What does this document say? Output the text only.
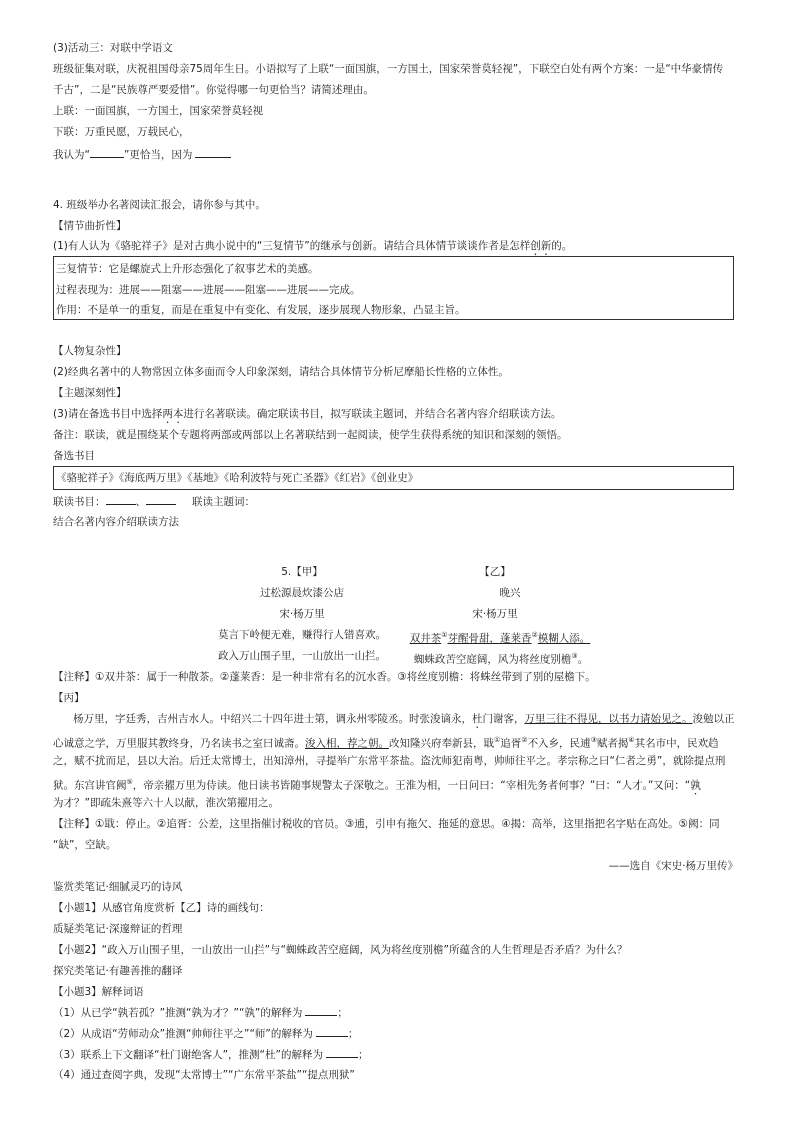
(3)活动三：对联中学语文
班级征集对联，庆祝祖国母亲75周年生日。小语拟写了上联“一面国旗，一方国土，国家荣誉莫轻视”，下联空白处有两个方案：一是“中华豪情传
千古”，二是“民族尊严要爱惜”。你觉得哪一句更恰当？请简述理由。
上联：一面国旗，一方国土，国家荣誉莫轻视
下联：万重民愿，万载民心，
我认为“	”更恰当，因为
4. 班级举办名著阅读汇报会，请你参与其中。
【情节曲折性】
(1)有人认为《骆驼祥子》是对古典小说中的“三复情节”的继承与创新。请结合具体情节谈谈作者是怎样创新的。
三复情节：它是螺旋式上升形态强化了叙事艺术的美感。
过程表现为：进展——阻塞——进展——阻塞——进展——完成。
作用：不是单一的重复，而是在重复中有变化、有发展，逐步展现人物形象，凸显主旨。
【人物复杂性】
(2)经典名著中的人物常因立体多面而令人印象深刻，请结合具体情节分析尼摩船长性格的立体性。
【主题深刻性】
(3)请在备选书目中选择两本进行名著联读。确定联读书目，拟写联读主题词，并结合名著内容介绍联读方法。
备注：联读，就是围绕某个专题将两部或两部以上名著联结到一起阅读，使学生获得系统的知识和深刻的领悟。
备选书目
《骆驼祥子》《海底两万里》《基地》《哈利波特与死亡圣器》《红岩》《创业史》
联读书目：	、	联读主题词：
结合名著内容介绍联读方法
5.【甲】
过松源晨炊漆公店
宋·杨万里
莫言下岭便无难，赚得行人错喜欢。
政入万山围子里，一山放出一山拦。
【乙】
晚兴
宋·杨万里
双井茶①芽醒骨甜，蓬莱香②模糊人添。
蜘蛛政苦空庭阔，风为将丝度别檐③。
【注释】①双井茶：属于一种散茶。②蓬莱香：是一种非常有名的沉水香。③将丝度别檐：将蛛丝带到了别的屋檐下。
【丙】
杨万里，字廷秀，吉州吉水人。中绍兴二十四年进士第，调永州零陵丞。时张浚谪永，杜门谢客，万里三往不得见，以书力请始见之。浚勉以正
心诚意之学，万里服其教终身，乃名读书之室曰诚斋。浚入相，荐之朝。改知隆兴府奉新县，戢①追胥②不入乡，民逋③赋者揭④其名市中，民欢趋
之，赋不扰而足，县以大治。后迁太常博士，出知漳州，寻提举广东常平茶盐。盗沈师犯南粤，帅师往平之。孝宗称之曰“仁者之勇”，就除提点刑
狱。东宫讲官阙⑤，帝亲擢万里为侍读。他日读书皆随事规警太子深敬之。王淮为相，一日问曰：“宰相先务者何事？”曰：“人才。”又问：“孰
为才？”即疏朱熹等六十人以献，淮次第擢用之。
【注释】①戢：停止。②追胥：公差，这里指催讨税收的官员。③逋，引申有拖欠、拖延的意思。④揭：高举，这里指把名字贴在高处。⑤阙：同
“缺”，空缺。
——选自《宋史·杨万里传》
鉴赏类笔记·细腻灵巧的诗风
【小题1】从感官角度赏析【乙】诗的画线句：
质疑类笔记·深邃辩证的哲理
【小题2】“政入万山围子里，一山放出一山拦”与“蜘蛛政苦空庭阔，风为将丝度别檐”所蕴含的人生哲理是否矛盾？为什么？
探究类笔记·有趣善推的翻译
【小题3】解释词语
（1）从已学“孰若孤？”推测“孰为才？”“孰”的解释为	；
（2）从成语“劳师动众”推测“帅师往平之”“师”的解释为	；
（3）联系上下文翻译“杜门谢绝客人”，推测“杜”的解释为	；
（4）通过查阅字典，发现“太常博士”“广东常平茶盐”“提点刑狱”
